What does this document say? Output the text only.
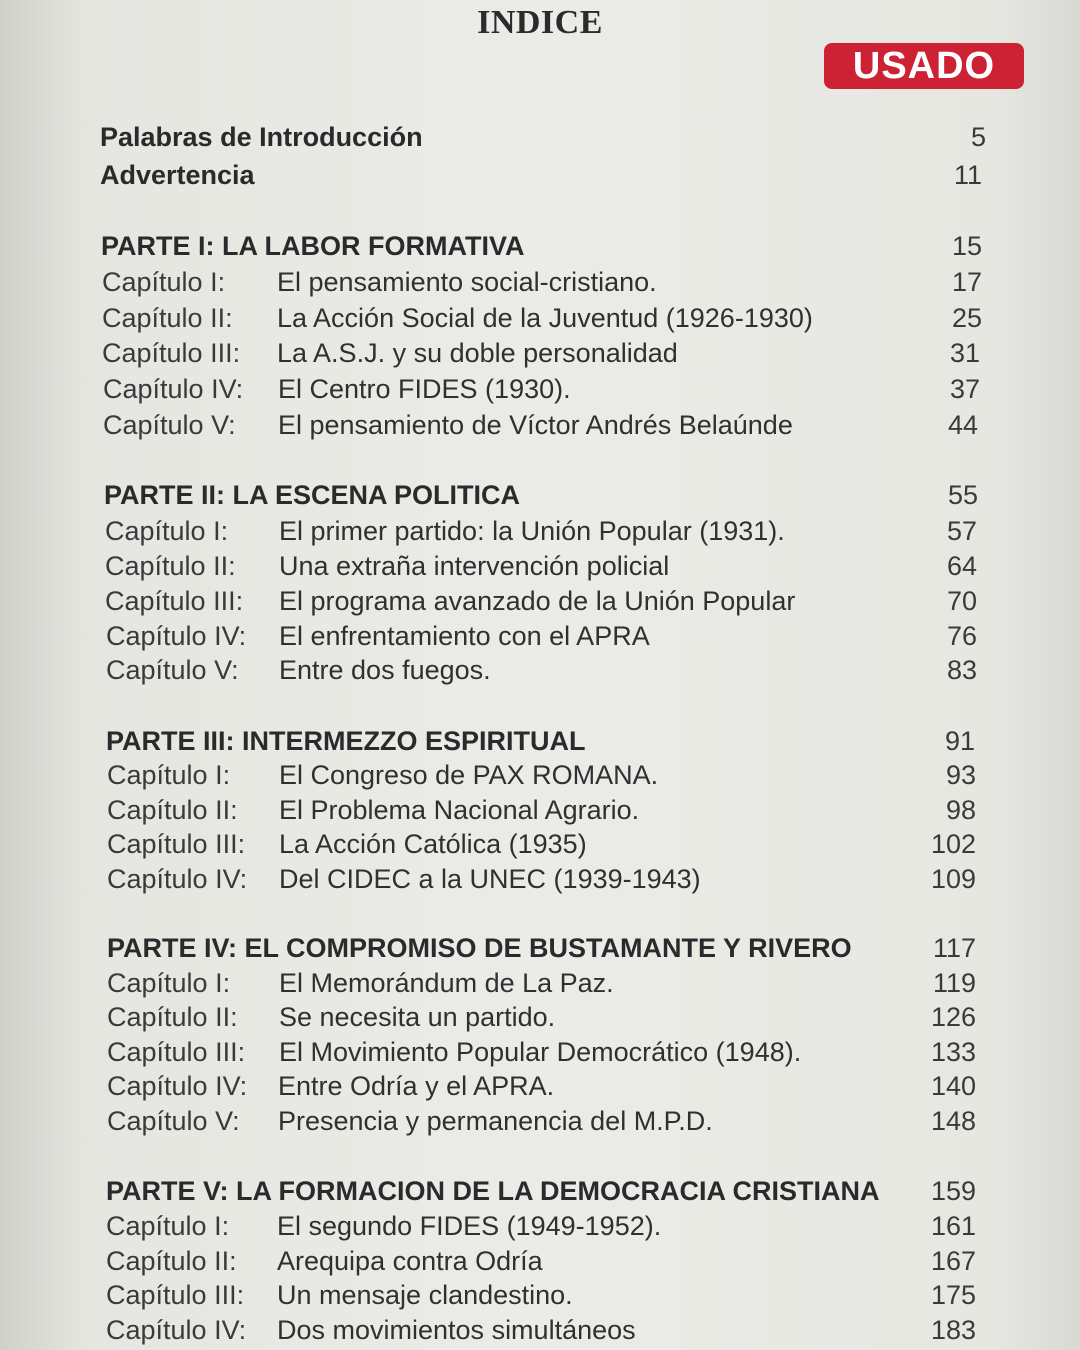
INDICE
USADO
Palabras de Introducción	5
Advertencia	11
PARTE I: LA LABOR FORMATIVA	15
Capítulo I: El pensamiento social-cristiano.	17
Capítulo II: La Acción Social de la Juventud (1926-1930)	25
Capítulo III: La A.S.J. y su doble personalidad	31
Capítulo IV: El Centro FIDES (1930).	37
Capítulo V: El pensamiento de Víctor Andrés Belaúnde	44
PARTE II: LA ESCENA POLITICA	55
Capítulo I: El primer partido: la Unión Popular (1931).	57
Capítulo II: Una extraña intervención policial	64
Capítulo III: El programa avanzado de la Unión Popular	70
Capítulo IV: El enfrentamiento con el APRA	76
Capítulo V: Entre dos fuegos.	83
PARTE III: INTERMEZZO ESPIRITUAL	91
Capítulo I: El Congreso de PAX ROMANA.	93
Capítulo II: El Problema Nacional Agrario.	98
Capítulo III: La Acción Católica (1935)	102
Capítulo IV: Del CIDEC a la UNEC (1939-1943)	109
PARTE IV: EL COMPROMISO DE BUSTAMANTE Y RIVERO	117
Capítulo I: El Memorándum de La Paz.	119
Capítulo II: Se necesita un partido.	126
Capítulo III: El Movimiento Popular Democrático (1948).	133
Capítulo IV: Entre Odría y el APRA.	140
Capítulo V: Presencia y permanencia del M.P.D.	148
PARTE V: LA FORMACION DE LA DEMOCRACIA CRISTIANA	159
Capítulo I: El segundo FIDES (1949-1952).	161
Capítulo II: Arequipa contra Odría	167
Capítulo III: Un mensaje clandestino.	175
Capítulo IV: Dos movimientos simultáneos	183
